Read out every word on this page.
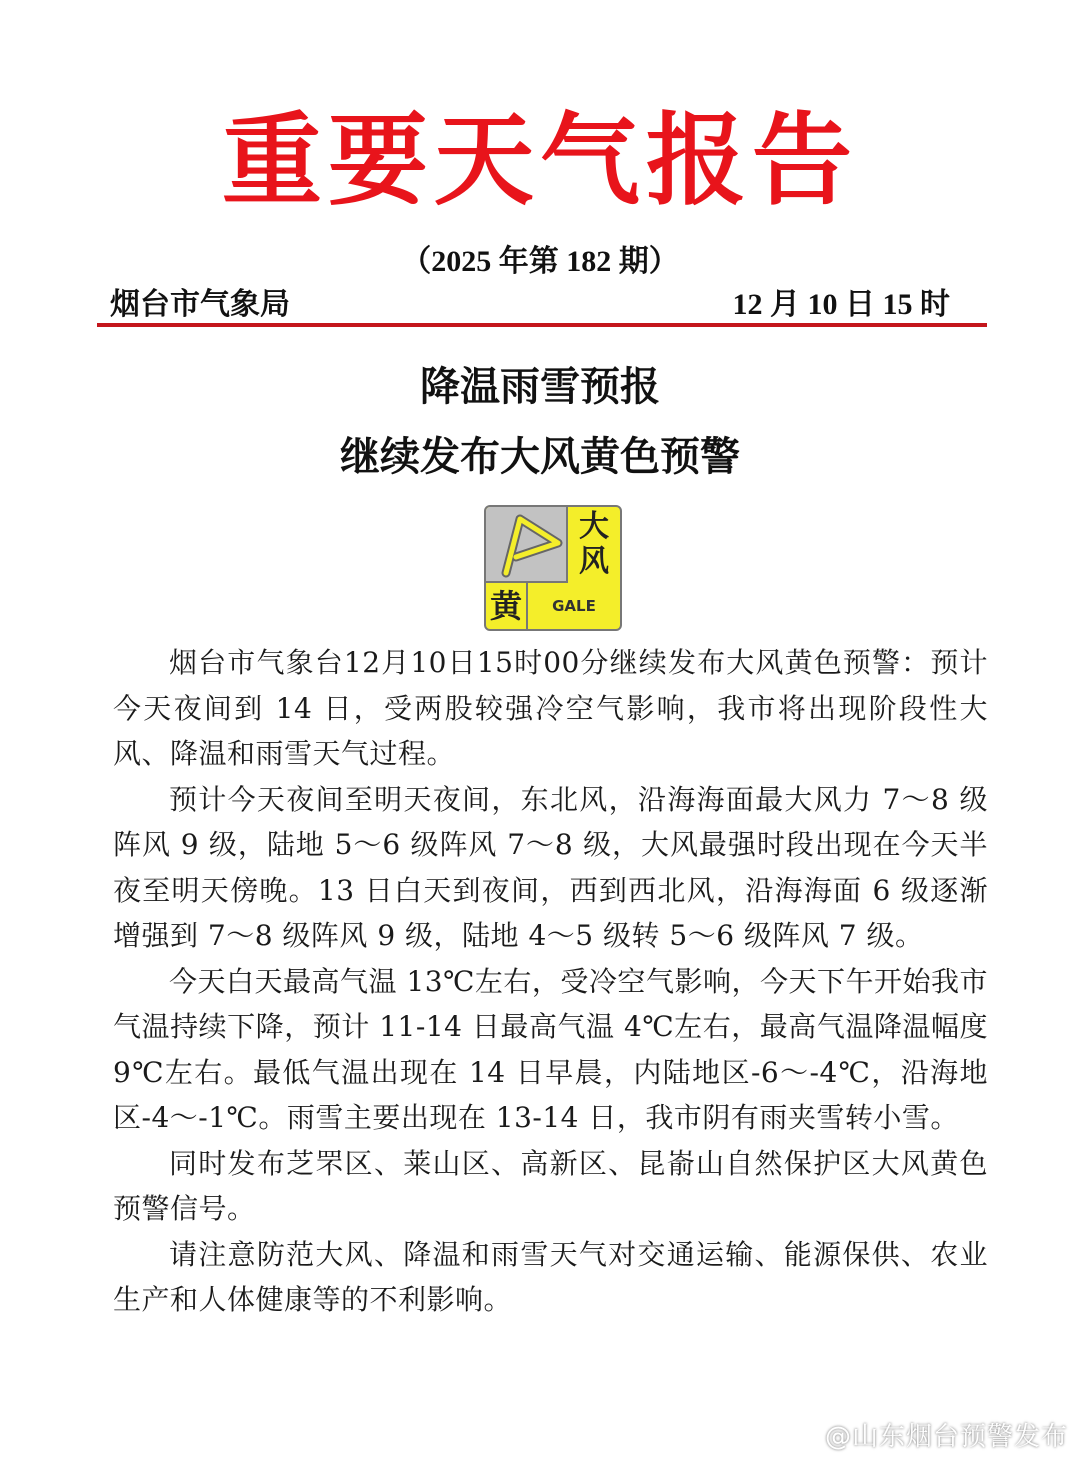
重要天气报告
（2025 年第 182 期）
烟台市气象局	12 月 10 日 15 时
降温雨雪预报
继续发布大风黄色预警
大风
黄	GALE

烟台市气象台12月10日15时00分继续发布大风黄色预警：预计今天夜间到 14 日，受两股较强冷空气影响，我市将出现阶段性大风、降温和雨雪天气过程。

预计今天夜间至明天夜间，东北风，沿海海面最大风力 7～8 级阵风 9 级，陆地 5～6 级阵风 7～8 级，大风最强时段出现在今天半夜至明天傍晚。13 日白天到夜间，西到西北风，沿海海面 6 级逐渐增强到 7～8 级阵风 9 级，陆地 4～5 级转 5～6 级阵风 7 级。

今天白天最高气温 13℃左右，受冷空气影响，今天下午开始我市气温持续下降，预计 11-14 日最高气温 4℃左右，最高气温降温幅度 9℃左右。最低气温出现在 14 日早晨，内陆地区-6～-4℃，沿海地区-4～-1℃。雨雪主要出现在 13-14 日，我市阴有雨夹雪转小雪。

同时发布芝罘区、莱山区、高新区、昆嵛山自然保护区大风黄色预警信号。

请注意防范大风、降温和雨雪天气对交通运输、能源保供、农业生产和人体健康等的不利影响。

@山东烟台预警发布
